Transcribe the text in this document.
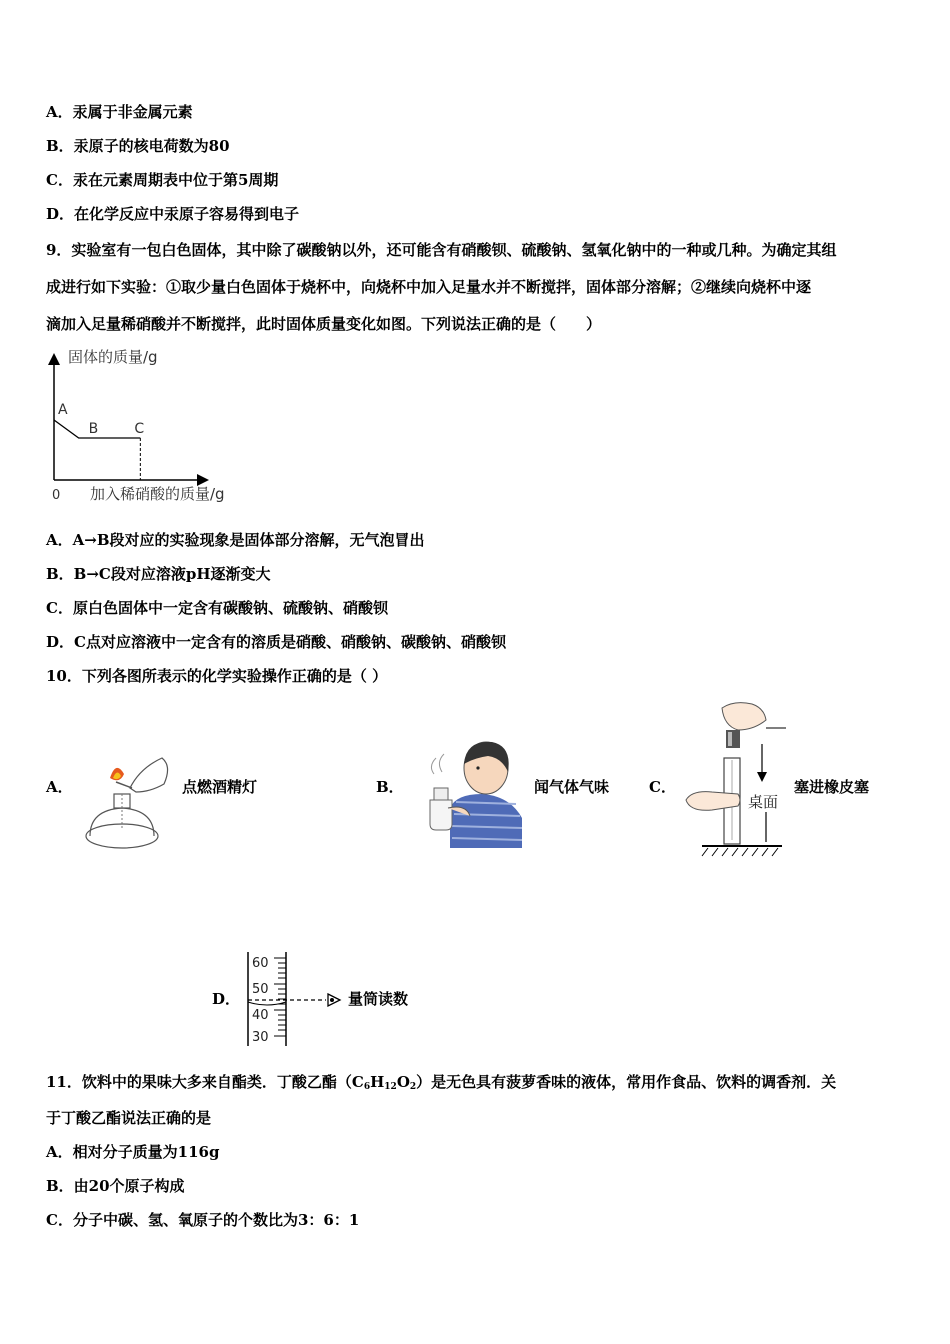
A．汞属于非金属元素
B．汞原子的核电荷数为80
C．汞在元素周期表中位于第5周期
D．在化学反应中汞原子容易得到电子
9．实验室有一包白色固体，其中除了碳酸钠以外，还可能含有硝酸钡、硫酸钠、氢氧化钠中的一种或几种。为确定其组
成进行如下实验：①取少量白色固体于烧杯中，向烧杯中加入足量水并不断搅拌，固体部分溶解；②继续向烧杯中逐
滴加入足量稀硝酸并不断搅拌，此时固体质量变化如图。下列说法正确的是（　　）
固体的质量/g
0 加入稀硝酸的质量/g
A
B	C
A．A→B段对应的实验现象是固体部分溶解，无气泡冒出
B．B→C段对应溶液pH逐渐变大
C．原白色固体中一定含有碳酸钠、硫酸钠、硝酸钡
D．C点对应溶液中一定含有的溶质是硝酸、硝酸钠、碳酸钠、硝酸钡
10．下列各图所表示的化学实验操作正确的是（ ）
A．	点燃酒精灯	B．	闻气体气味	C．
桌面
塞进橡皮塞
D．
60
50
40
30
量筒读数
11．饮料中的果味大多来自酯类．丁酸乙酯$(C_6H_{12}O_2)$是无色具有菠萝香味的液体，常用作食品、饮料的调香剂．关
于丁酸乙酯说法正确的是
A．相对分子质量为116g
B．由20个原子构成
C．分子中碳、氢、氧原子的个数比为3：6：1
